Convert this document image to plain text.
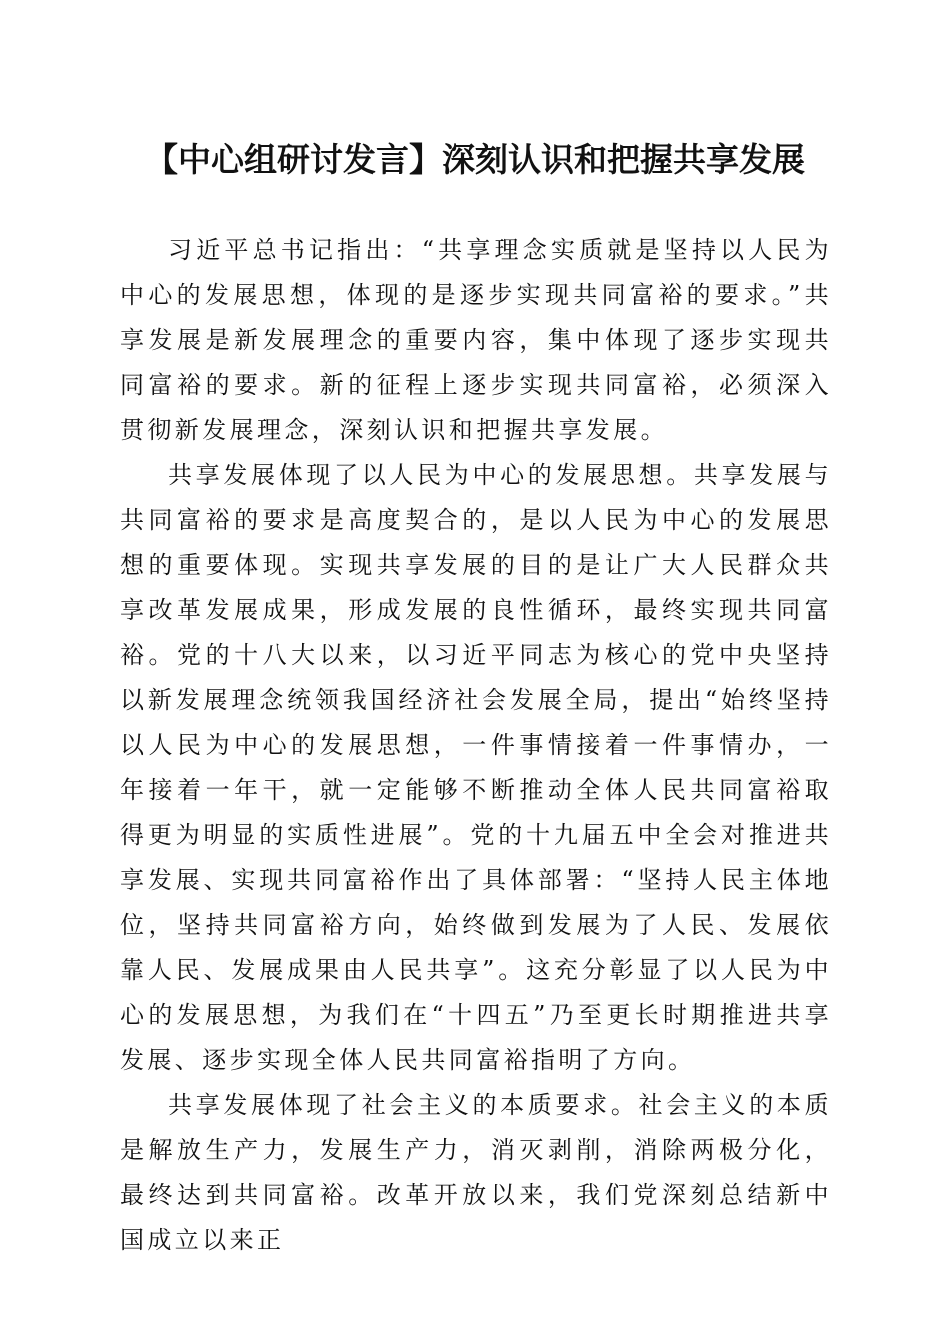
【中心组研讨发言】深刻认识和把握共享发展

习近平总书记指出：“共享理念实质就是坚持以人民为中心的发展思想，体现的是逐步实现共同富裕的要求。”共享发展是新发展理念的重要内容，集中体现了逐步实现共同富裕的要求。新的征程上逐步实现共同富裕，必须深入贯彻新发展理念，深刻认识和把握共享发展。

共享发展体现了以人民为中心的发展思想。共享发展与共同富裕的要求是高度契合的，是以人民为中心的发展思想的重要体现。实现共享发展的目的是让广大人民群众共享改革发展成果，形成发展的良性循环，最终实现共同富裕。党的十八大以来，以习近平同志为核心的党中央坚持以新发展理念统领我国经济社会发展全局，提出“始终坚持以人民为中心的发展思想，一件事情接着一件事情办，一年接着一年干，就一定能够不断推动全体人民共同富裕取得更为明显的实质性进展”。党的十九届五中全会对推进共享发展、实现共同富裕作出了具体部署：“坚持人民主体地位，坚持共同富裕方向，始终做到发展为了人民、发展依靠人民、发展成果由人民共享”。这充分彰显了以人民为中心的发展思想，为我们在“十四五”乃至更长时期推进共享发展、逐步实现全体人民共同富裕指明了方向。

共享发展体现了社会主义的本质要求。社会主义的本质是解放生产力，发展生产力，消灭剥削，消除两极分化，最终达到共同富裕。改革开放以来，我们党深刻总结新中国成立以来正
